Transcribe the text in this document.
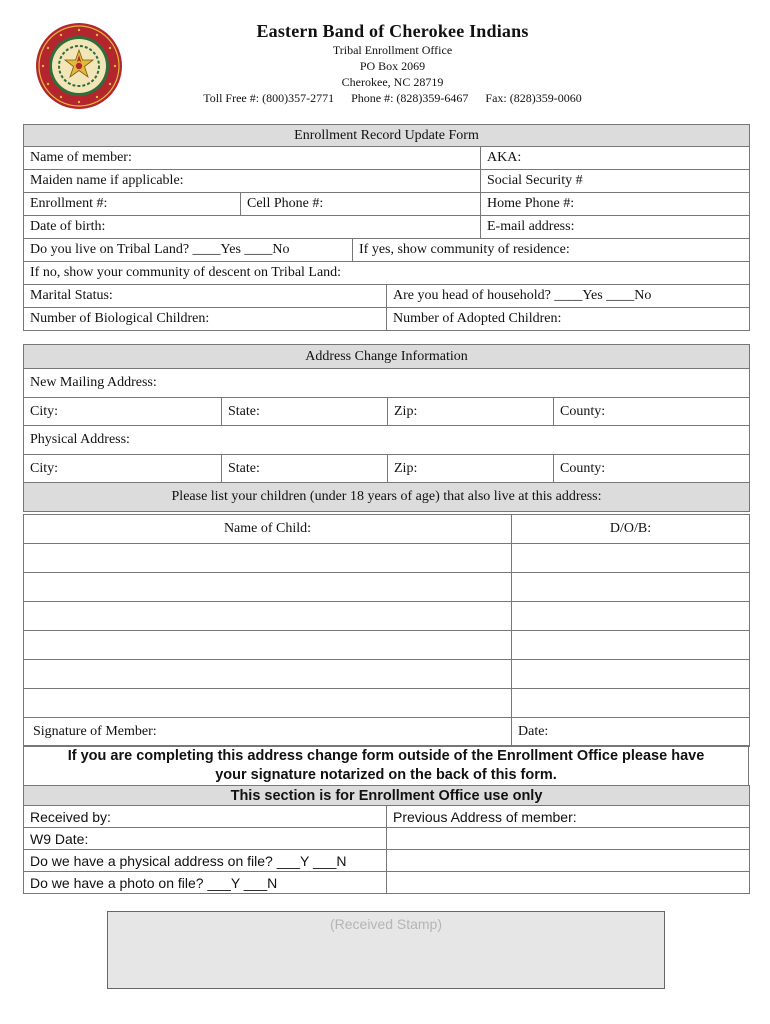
Eastern Band of Cherokee Indians
Tribal Enrollment Office
PO Box 2069
Cherokee, NC 28719
Toll Free #: (800)357-2771 Phone #: (828)359-6467 Fax: (828)359-0060
Enrollment Record Update Form		
Name of member:		AKA:
Maiden name if applicable:		Social Security #
Enrollment #:	Cell Phone #:	Home Phone #:
Date of birth:		E-mail address:
Do you live on Tribal Land? ____Yes ____No	If yes, show community of residence:
If no, show your community of descent on Tribal Land:
Marital Status:	Are you head of household? ____Yes ____No
Number of Biological Children:	Number of Adopted Children:
Address Change Information			
New Mailing Address:			
City:	State:	Zip:	County:
Physical Address:			
City:	State:	Zip:	County:
Please list your children (under 18 years of age) that also live at this address:			
Name of Child:	D/O/B:

Signature of Member:	Date:
If you are completing this address change form outside of the Enrollment Office please have
your signature notarized on the back of this form.
This section is for Enrollment Office use only	
Received by:	Previous Address of member:
W9 Date:	
Do we have a physical address on file? ___Y ___N	
Do we have a photo on file? ___Y ___N	
(Received Stamp)
